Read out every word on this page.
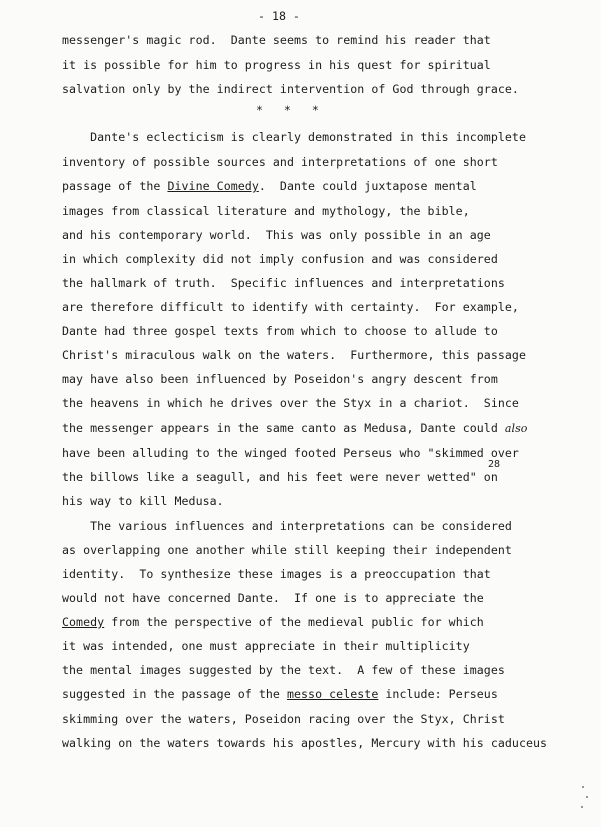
- 18 -
messenger's magic rod.  Dante seems to remind his reader that
it is possible for him to progress in his quest for spiritual
salvation only by the indirect intervention of God through grace.
*   *   *
Dante's eclecticism is clearly demonstrated in this incomplete
inventory of possible sources and interpretations of one short
passage of the Divine Comedy.  Dante could juxtapose mental
images from classical literature and mythology, the bible,
and his contemporary world.  This was only possible in an age
in which complexity did not imply confusion and was considered
the hallmark of truth.  Specific influences and interpretations
are therefore difficult to identify with certainty.  For example,
Dante had three gospel texts from which to choose to allude to
Christ's miraculous walk on the waters.  Furthermore, this passage
may have also been influenced by Poseidon's angry descent from
the heavens in which he drives over the Styx in a chariot.  Since
the messenger appears in the same canto as Medusa, Dante could also
have been alluding to the winged footed Perseus who "skimmed over
28
the billows like a seagull, and his feet were never wetted" on
his way to kill Medusa.
The various influences and interpretations can be considered
as overlapping one another while still keeping their independent
identity.  To synthesize these images is a preoccupation that
would not have concerned Dante.  If one is to appreciate the
Comedy from the perspective of the medieval public for which
it was intended, one must appreciate in their multiplicity
the mental images suggested by the text.  A few of these images
suggested in the passage of the messo celeste include: Perseus
skimming over the waters, Poseidon racing over the Styx, Christ
walking on the waters towards his apostles, Mercury with his caduceus
